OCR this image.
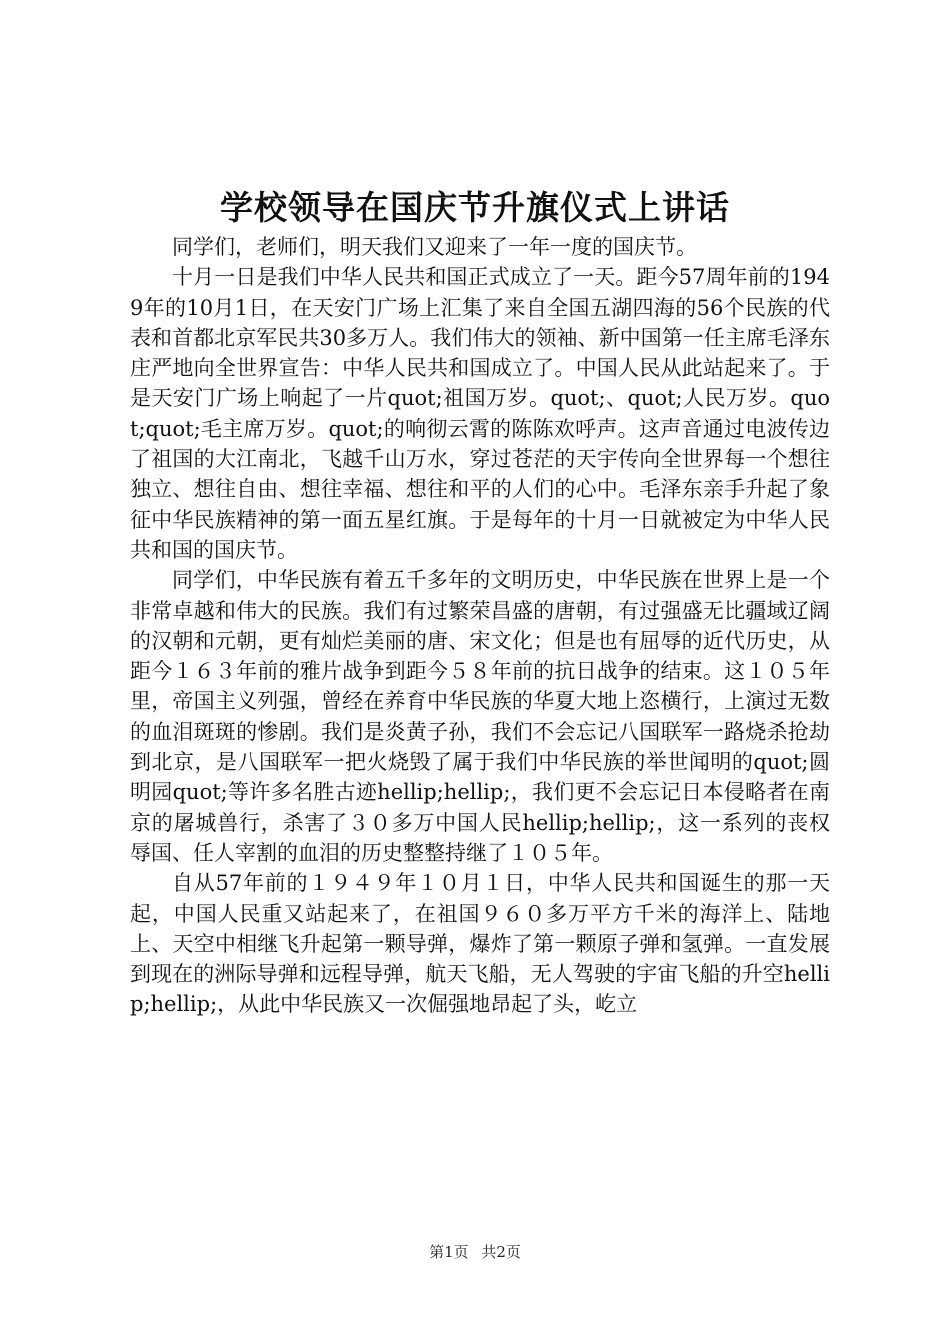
学校领导在国庆节升旗仪式上讲话

同学们，老师们，明天我们又迎来了一年一度的国庆节。

十月一日是我们中华人民共和国正式成立了一天。距今57周年前的1949年的10月1日，在天安门广场上汇集了来自全国五湖四海的56个民族的代表和首都北京军民共30多万人。我们伟大的领袖、新中国第一任主席毛泽东庄严地向全世界宣告：中华人民共和国成立了。中国人民从此站起来了。于是天安门广场上响起了一片quot;祖国万岁。quot;、quot;人民万岁。quot;quot;毛主席万岁。quot;的响彻云霄的陈陈欢呼声。这声音通过电波传边了祖国的大江南北，飞越千山万水，穿过苍茫的天宇传向全世界每一个想往独立、想往自由、想往幸福、想往和平的人们的心中。毛泽东亲手升起了象征中华民族精神的第一面五星红旗。于是每年的十月一日就被定为中华人民共和国的国庆节。

同学们，中华民族有着五千多年的文明历史，中华民族在世界上是一个非常卓越和伟大的民族。我们有过繁荣昌盛的唐朝，有过强盛无比疆域辽阔的汉朝和元朝，更有灿烂美丽的唐、宋文化；但是也有屈辱的近代历史，从距今１６３年前的雅片战争到距今５８年前的抗日战争的结束。这１０５年里，帝国主义列强，曾经在养育中华民族的华夏大地上恣横行，上演过无数的血泪斑斑的惨剧。我们是炎黄子孙，我们不会忘记八国联军一路烧杀抢劫到北京，是八国联军一把火烧毁了属于我们中华民族的举世闻明的quot;圆明园quot;等许多名胜古迹hellip;hellip;，我们更不会忘记日本侵略者在南京的屠城兽行，杀害了３０多万中国人民hellip;hellip;，这一系列的丧权辱国、任人宰割的血泪的历史整整持继了１０５年。

自从57年前的１９４９年１０月１日，中华人民共和国诞生的那一天起，中国人民重又站起来了，在祖国９６０多万平方千米的海洋上、陆地上、天空中相继飞升起第一颗导弹，爆炸了第一颗原子弹和氢弹。一直发展到现在的洲际导弹和远程导弹，航天飞船，无人驾驶的宇宙飞船的升空hellip;hellip;，从此中华民族又一次倔强地昂起了头，屹立

第1页 共2页
